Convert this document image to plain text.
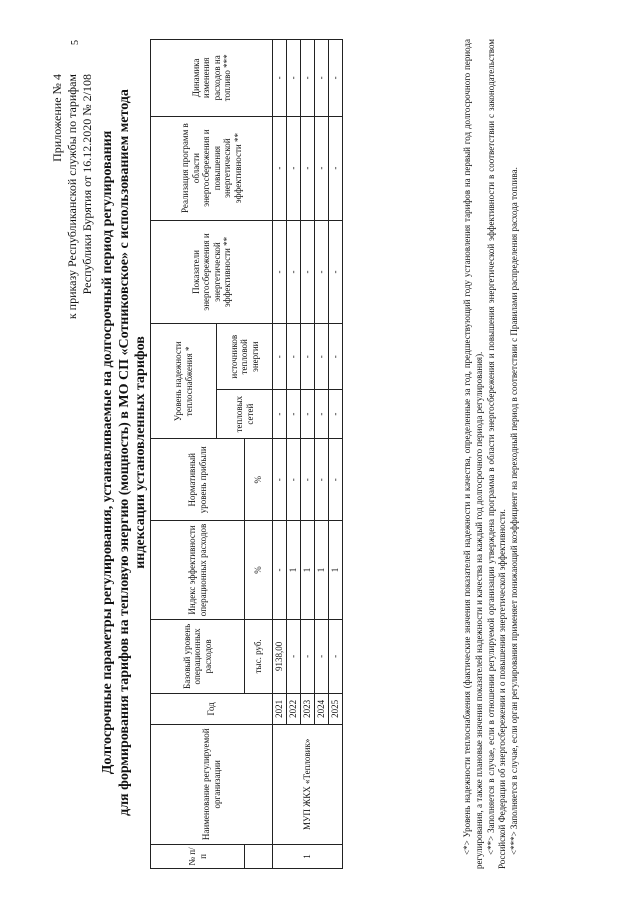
5
Приложение № 4 к приказу Республиканской службы по тарифам Республики Бурятия от 16.12.2020 № 2/108 Долгосрочные параметры регулирования, устанавливаемые на долгосрочный период регулирования для формирования тарифов на тепловую энергию (мощность) в МО СП «Сотниковское» с использованием метода индексации установленных тарифов
№ п/п	Наименование регулируемой организации	Год	Базовый уровень операционных расходов	Индекс эффективности операционных расходов	Нормативный уровень прибыли	Уровень надежности теплоснабжения *		Показатели энергосбережения и энергетической эффективности **	Реализация программ в области энергосбережения и повышения энергетической эффективности **	Динамика изменения расходов на топливо ***
						тепловых сетей	источников тепловой энергии			
			тыс. руб.	%	%					
1	МУП ЖКХ «Тепловик»	2021	9138,00	-	-	-	-	-	-	-
		2022	-	1	-	-	-	-	-	-
		2023	-	1	-	-	-	-	-	-
		2024	-	1	-	-	-	-	-	-
		2025	-	1	-	-	-	-	-	-	<*> Уровень надежности теплоснабжения (фактические значения показателей надежности и качества, определенные за год, предшествующий году установления тарифов на первый год долгосрочного периода регулирования, а также плановые значения показателей надежности и качества на каждый год долгосрочного периода регулирования). <**> Заполняется в случае, если в отношении регулируемой организации утверждена программа в области энергосбережения и повышения энергетической эффективности в соответствии с законодательством Российской Федерации об энергосбережении и о повышении энергетической эффективности. <***> Заполняется в случае, если орган регулирования применяет понижающий коэффициент на переходный период в соответствии с Правилами распределения расхода топлива.
